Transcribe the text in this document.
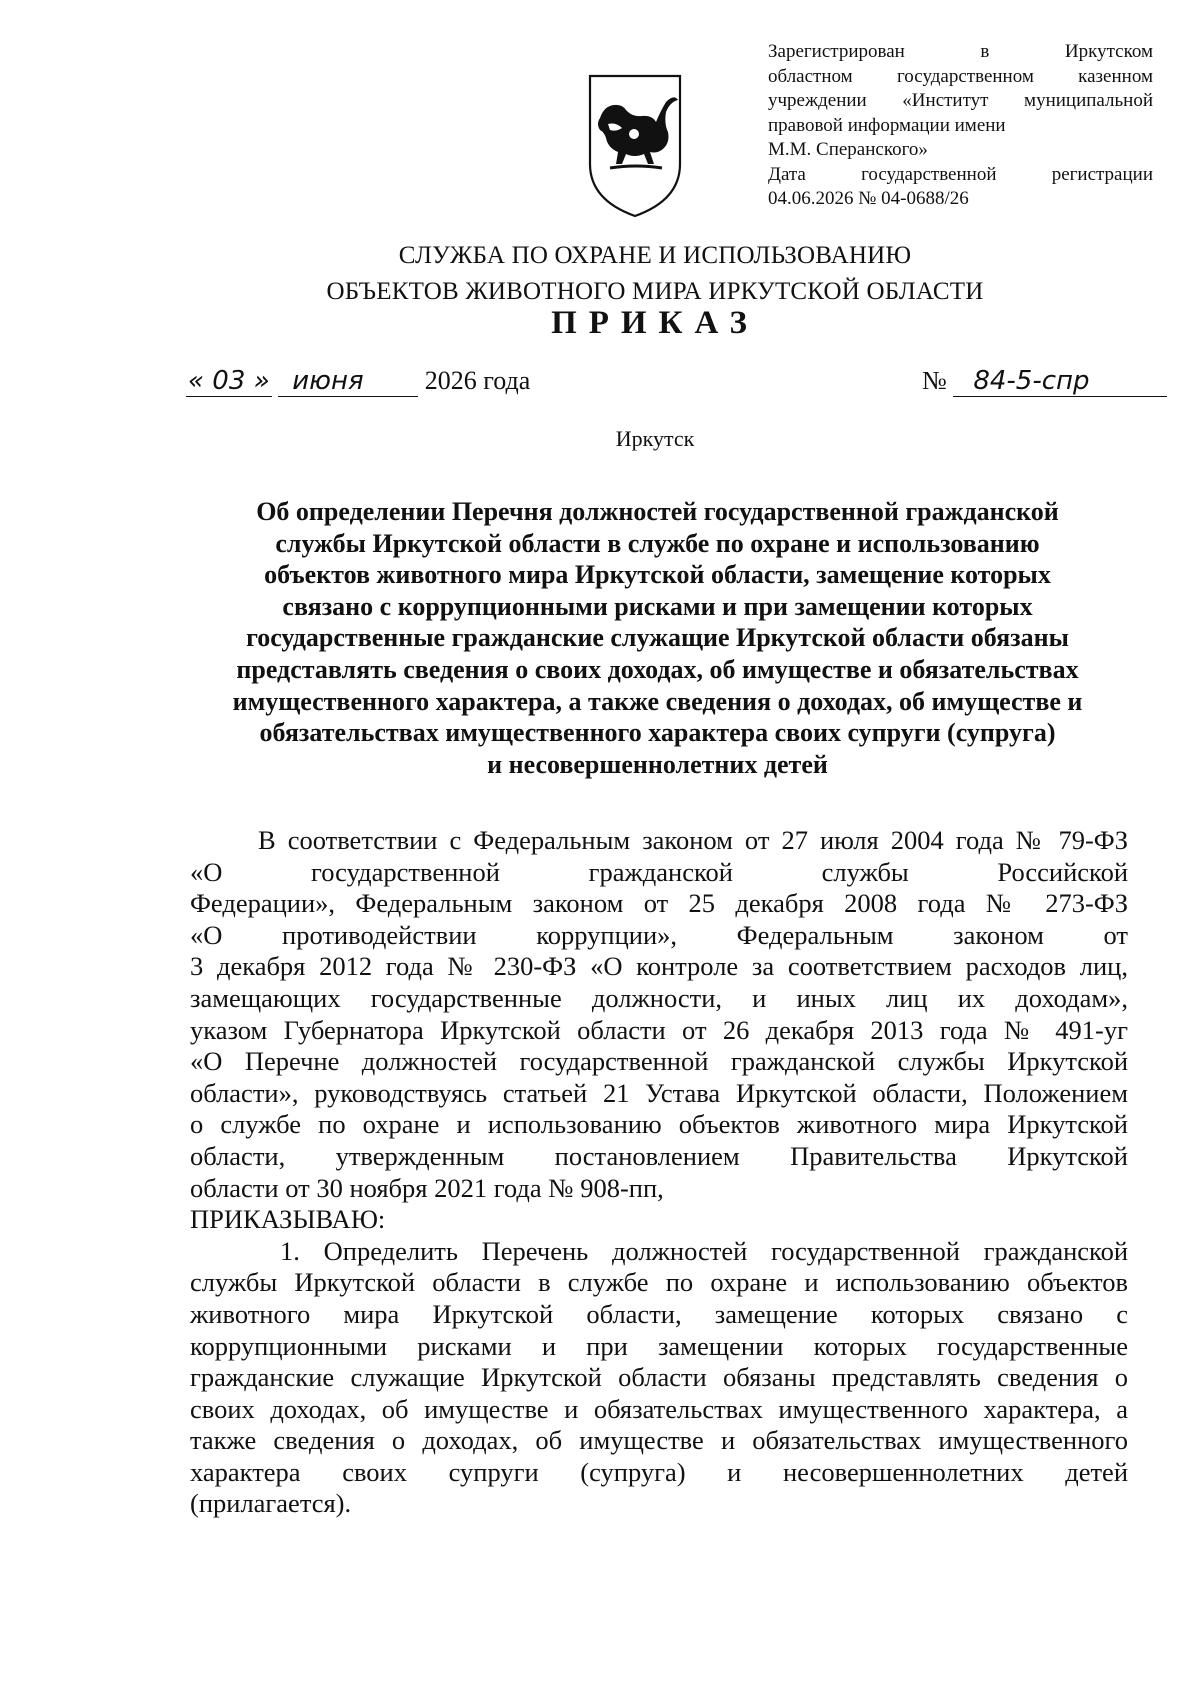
Зарегистрирован в Иркутском
областном государственном казенном
учреждении «Институт муниципальной
правовой информации имени
М.М. Сперанского»
Дата государственной регистрации
04.06.2026 № 04-0688/26
СЛУЖБА ПО ОХРАНЕ И ИСПОЛЬЗОВАНИЮ
ОБЪЕКТОВ ЖИВОТНОГО МИРА ИРКУТСКОЙ ОБЛАСТИ
ПРИКАЗ
« 03 » июня 2026 года	№ 84-5-спр
Иркутск
Об определении Перечня должностей государственной гражданской
службы Иркутской области в службе по охране и использованию
объектов животного мира Иркутской области, замещение которых
связано с коррупционными рисками и при замещении которых
государственные гражданские служащие Иркутской области обязаны
представлять сведения о своих доходах, об имуществе и обязательствах
имущественного характера, а также сведения о доходах, об имуществе и
обязательствах имущественного характера своих супруги (супруга)
и несовершеннолетних детей
В соответствии с Федеральным законом от 27 июля 2004 года № 79-ФЗ
«О государственной гражданской службы Российской
Федерации», Федеральным законом от 25 декабря 2008 года № 273-ФЗ
«О противодействии коррупции», Федеральным законом от
3 декабря 2012 года № 230-ФЗ «О контроле за соответствием расходов лиц,
замещающих государственные должности, и иных лиц их доходам»,
указом Губернатора Иркутской области от 26 декабря 2013 года № 491-уг
«О Перечне должностей государственной гражданской службы Иркутской
области», руководствуясь статьей 21 Устава Иркутской области, Положением
о службе по охране и использованию объектов животного мира Иркутской
области, утвержденным постановлением Правительства Иркутской
области от 30 ноября 2021 года № 908-пп,
ПРИКАЗЫВАЮ:
1. Определить Перечень должностей государственной гражданской
службы Иркутской области в службе по охране и использованию объектов
животного мира Иркутской области, замещение которых связано с
коррупционными рисками и при замещении которых государственные
гражданские служащие Иркутской области обязаны представлять сведения о
своих доходах, об имуществе и обязательствах имущественного характера, а
также сведения о доходах, об имуществе и обязательствах имущественного
характера своих супруги (супруга) и несовершеннолетних детей
(прилагается).
